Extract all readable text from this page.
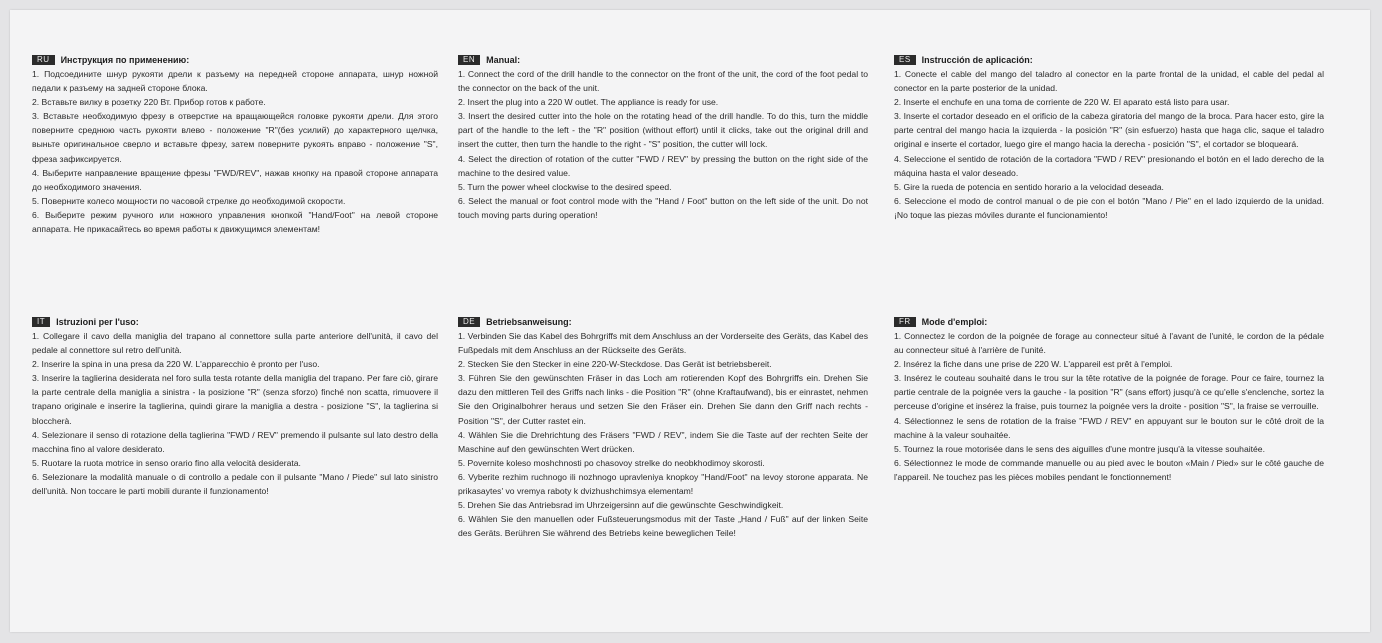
RU	Инструкция по применению:

1. Подсоедините шнур рукояти дрели к разъему на передней стороне аппарата, шнур ножной педали к разъему на задней стороне блока.

2. Вставьте вилку в розетку 220 Вт. Прибор готов к работе.

3. Вставьте необходимую фрезу в отверстие на вращающейся головке рукояти дрели. Для этого поверните среднюю часть рукояти влево - положение "R"(без усилий) до характерного щелчка, выньте оригинальное сверло и вставьте фрезу, затем поверните рукоять вправо - положение "S", фреза зафиксируется.

4. Выберите направление вращение фрезы "FWD/REV", нажав кнопку на правой стороне аппарата до необходимого значения.

5. Поверните колесо мощности по часовой стрелке до необходимой скорости.

6. Выберите режим ручного или ножного управления кнопкой "Hand/Foot" на левой стороне аппарата. Не прикасайтесь во время работы к движущимся элементам!

EN	Manual:

1. Connect the cord of the drill handle to the connector on the front of the unit, the cord of the foot pedal to the connector on the back of the unit.

2. Insert the plug into a 220 W outlet. The appliance is ready for use.

3. Insert the desired cutter into the hole on the rotating head of the drill handle. To do this, turn the middle part of the handle to the left - the "R" position (without effort) until it clicks, take out the original drill and insert the cutter, then turn the handle to the right - "S" position, the cutter will lock.

4. Select the direction of rotation of the cutter "FWD / REV" by pressing the button on the right side of the machine to the desired value.

5. Turn the power wheel clockwise to the desired speed.

6. Select the manual or foot control mode with the "Hand / Foot" button on the left side of the unit. Do not touch moving parts during operation!

ES	Instrucción de aplicación:

1. Conecte el cable del mango del taladro al conector en la parte frontal de la unidad, el cable del pedal al conector en la parte posterior de la unidad.

2. Inserte el enchufe en una toma de corriente de 220 W. El aparato está listo para usar.

3. Inserte el cortador deseado en el orificio de la cabeza giratoria del mango de la broca. Para hacer esto, gire la parte central del mango hacia la izquierda - la posición "R" (sin esfuerzo) hasta que haga clic, saque el taladro original e inserte el cortador, luego gire el mango hacia la derecha - posición "S", el cortador se bloqueará.

4. Seleccione el sentido de rotación de la cortadora "FWD / REV" presionando el botón en el lado derecho de la máquina hasta el valor deseado.

5. Gire la rueda de potencia en sentido horario a la velocidad deseada.

6. Seleccione el modo de control manual o de pie con el botón "Mano / Pie" en el lado izquierdo de la unidad. ¡No toque las piezas móviles durante el funcionamiento!

IT	Istruzioni per l'uso:

1. Collegare il cavo della maniglia del trapano al connettore sulla parte anteriore dell'unità, il cavo del pedale al connettore sul retro dell'unità.

2. Inserire la spina in una presa da 220 W. L'apparecchio è pronto per l'uso.

3. Inserire la taglierina desiderata nel foro sulla testa rotante della maniglia del trapano. Per fare ciò, girare la parte centrale della maniglia a sinistra - la posizione "R" (senza sforzo) finché non scatta, rimuovere il trapano originale e inserire la taglierina, quindi girare la maniglia a destra - posizione "S", la taglierina si bloccherà.

4. Selezionare il senso di rotazione della taglierina "FWD / REV" premendo il pulsante sul lato destro della macchina fino al valore desiderato.

5. Ruotare la ruota motrice in senso orario fino alla velocità desiderata.

6. Selezionare la modalità manuale o di controllo a pedale con il pulsante "Mano / Piede" sul lato sinistro dell'unità. Non toccare le parti mobili durante il funzionamento!

DE	Betriebsanweisung:

1. Verbinden Sie das Kabel des Bohrgriffs mit dem Anschluss an der Vorderseite des Geräts, das Kabel des Fußpedals mit dem Anschluss an der Rückseite des Geräts.

2. Stecken Sie den Stecker in eine 220-W-Steckdose. Das Gerät ist betriebsbereit.

3. Führen Sie den gewünschten Fräser in das Loch am rotierenden Kopf des Bohrgriffs ein. Drehen Sie dazu den mittleren Teil des Griffs nach links - die Position "R" (ohne Kraftaufwand), bis er einrastet, nehmen Sie den Originalbohrer heraus und setzen Sie den Fräser ein. Drehen Sie dann den Griff nach rechts - Position "S", der Cutter rastet ein.

4. Wählen Sie die Drehrichtung des Fräsers "FWD / REV", indem Sie die Taste auf der rechten Seite der Maschine auf den gewünschten Wert drücken.

5. Povernite koleso moshchnosti po chasovoy strelke do neobkhodimoy skorosti.

6. Vyberite rezhim ruchnogo ili nozhnogo upravleniya knopkoy "Hand/Foot" na levoy storone apparata. Ne prikasaytes' vo vremya raboty k dvizhushchimsya elementam!

5. Drehen Sie das Antriebsrad im Uhrzeigersinn auf die gewünschte Geschwindigkeit.

6. Wählen Sie den manuellen oder Fußsteuerungsmodus mit der Taste „Hand / Fuß" auf der linken Seite des Geräts. Berühren Sie während des Betriebs keine beweglichen Teile!

FR	Mode d'emploi:

1. Connectez le cordon de la poignée de forage au connecteur situé à l'avant de l'unité, le cordon de la pédale au connecteur situé à l'arrière de l'unité.

2. Insérez la fiche dans une prise de 220 W. L'appareil est prêt à l'emploi.

3. Insérez le couteau souhaité dans le trou sur la tête rotative de la poignée de forage. Pour ce faire, tournez la partie centrale de la poignée vers la gauche - la position "R" (sans effort) jusqu'à ce qu'elle s'enclenche, sortez la perceuse d'origine et insérez la fraise, puis tournez la poignée vers la droite - position "S", la fraise se verrouille.

4. Sélectionnez le sens de rotation de la fraise "FWD / REV" en appuyant sur le bouton sur le côté droit de la machine à la valeur souhaitée.

5. Tournez la roue motorisée dans le sens des aiguilles d'une montre jusqu'à la vitesse souhaitée.

6. Sélectionnez le mode de commande manuelle ou au pied avec le bouton «Main / Pied» sur le côté gauche de l'appareil. Ne touchez pas les pièces mobiles pendant le fonctionnement!
